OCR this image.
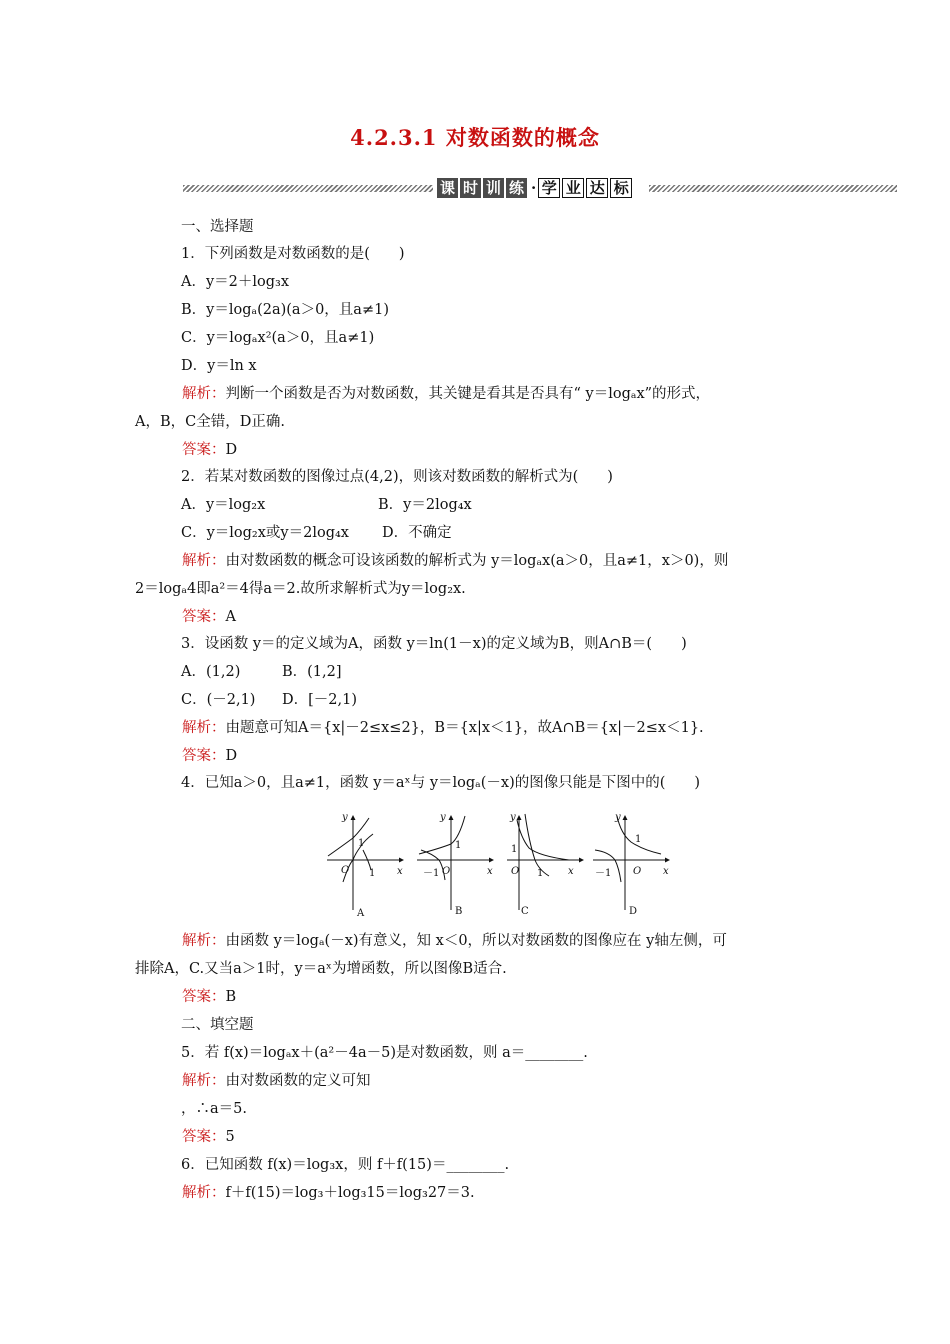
4.2.3.1 对数函数的概念
课 时 训 练 · 学 业 达 标
一、选择题
1．下列函数是对数函数的是(　　)
A．y＝2＋log₃x
B．y＝logₐ(2a)(a＞0，且a≠1)
C．y＝logₐx²(a＞0，且a≠1)
D．y＝ln x
解析：判断一个函数是否为对数函数，其关键是看其是否具有“ y＝logₐx”的形式，
A，B，C全错，D正确.
答案：D
2．若某对数函数的图像过点(4,2)，则该对数函数的解析式为(　　)
A．y＝log₂x	B．y＝2log₄x
C．y＝log₂x或y＝2log₄x D．不确定
解析：由对数函数的概念可设该函数的解析式为 y＝logₐx(a＞0，且a≠1，x＞0)，则
2＝logₐ4即a²＝4得a＝2.故所求解析式为y＝log₂x.
答案：A
3．设函数 y＝的定义域为A，函数 y＝ln(1－x)的定义域为B，则A∩B＝(　　)
A．(1,2)	B．(1,2]
C．(－2,1) D．[－2,1)
解析：由题意可知A＝{x|－2≤x≤2}，B＝{x|x＜1}，故A∩B＝{x|－2≤x＜1}.
答案：D
4．已知a＞0，且a≠1，函数 y＝aˣ与 y＝logₐ(－x)的图像只能是下图中的(　　)
y
x
O
1
1
A
y
x
O
1
－1
B
y
x
O
1
1
C
y
x
O
1
－1
D
解析：由函数 y＝logₐ(－x)有意义，知 x＜0，所以对数函数的图像应在 y轴左侧，可
排除A，C.又当a＞1时，y＝aˣ为增函数，所以图像B适合.
答案：B
二、填空题
5．若 f(x)＝logₐx＋(a²－4a－5)是对数函数，则 a＝________.
解析：由对数函数的定义可知
，∴a＝5.
答案：5
6．已知函数 f(x)＝log₃x，则 f＋f(15)＝________.
解析：f＋f(15)＝log₃＋log₃15＝log₃27＝3.
